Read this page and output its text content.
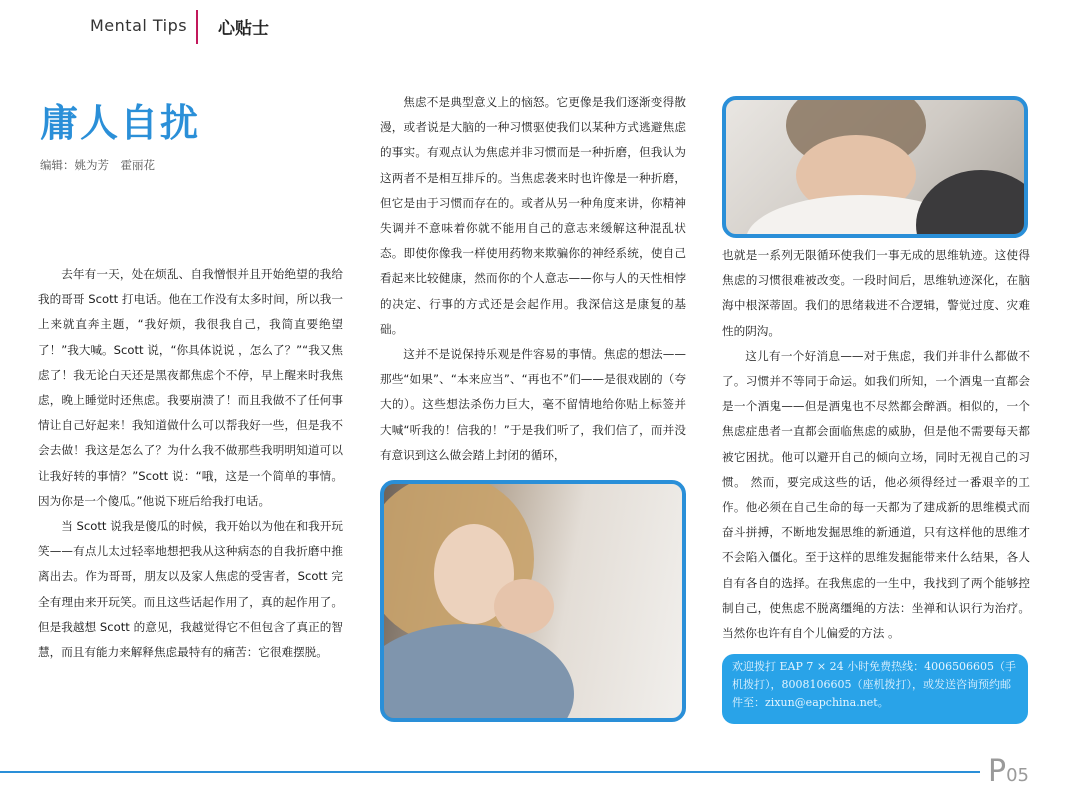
Mental Tips 心贴士
庸人自扰
编辑：姚为芳　霍丽花

去年有一天，处在烦乱、自我憎恨并且开始绝望的我给我的哥哥 Scott 打电话。他在工作没有太多时间，所以我一上来就直奔主题，“我好烦，我很我自己，我简直要绝望了！”我大喊。Scott 说，“你具体说说 ，怎么了？”“我又焦虑了！我无论白天还是黑夜都焦虑个不停，早上醒来时我焦虑，晚上睡觉时还焦虑。我要崩溃了！而且我做不了任何事情让自己好起来！我知道做什么可以帮我好一些，但是我不会去做！我这是怎么了？为什么我不做那些我明明知道可以让我好转的事情？”Scott 说：“哦，这是一个简单的事情。因为你是一个傻瓜。”他说下班后给我打电话。

当 Scott 说我是傻瓜的时候，我开始以为他在和我开玩笑——有点儿太过轻率地想把我从这种病态的自我折磨中推离出去。作为哥哥，朋友以及家人焦虑的受害者，Scott 完全有理由来开玩笑。而且这些话起作用了，真的起作用了。但是我越想 Scott 的意见，我越觉得它不但包含了真正的智慧，而且有能力来解释焦虑最特有的痛苦：它很难摆脱。

焦虑不是典型意义上的恼怒。它更像是我们逐渐变得散漫，或者说是大脑的一种习惯驱使我们以某种方式逃避焦虑的事实。有观点认为焦虑并非习惯而是一种折磨，但我认为这两者不是相互排斥的。当焦虑袭来时也许像是一种折磨，但它是由于习惯而存在的。或者从另一种角度来讲，你精神失调并不意味着你就不能用自己的意志来缓解这种混乱状态。即使你像我一样使用药物来欺骗你的神经系统，使自己看起来比较健康，然而你的个人意志——你与人的天性相悖的决定、行事的方式还是会起作用。我深信这是康复的基础。

这并不是说保持乐观是件容易的事情。焦虑的想法——那些“如果”、“本来应当”、“再也不”们——是很戏剧的（夸大的）。这些想法杀伤力巨大，毫不留情地给你贴上标签并大喊“听我的！信我的！”于是我们听了，我们信了，而并没有意识到这么做会踏上封闭的循环，

也就是一系列无限循环使我们一事无成的思维轨迹。这使得焦虑的习惯很难被改变。一段时间后，思维轨迹深化，在脑海中根深蒂固。我们的思绪栽进不合逻辑，警觉过度、灾难性的阴沟。

这儿有一个好消息——对于焦虑，我们并非什么都做不了。习惯并不等同于命运。如我们所知，一个酒鬼一直都会是一个酒鬼——但是酒鬼也不尽然都会醉酒。相似的，一个焦虑症患者一直都会面临焦虑的威胁，但是他不需要每天都被它困扰。他可以避开自己的倾向立场，同时无视自己的习惯。 然而，要完成这些的话，他必须得经过一番艰辛的工作。他必须在自己生命的每一天都为了建成新的思维模式而奋斗拼搏，不断地发掘思维的新通道，只有这样他的思维才不会陷入僵化。至于这样的思维发掘能带来什么结果，各人自有各自的选择。在我焦虑的一生中，我找到了两个能够控制自己，使焦虑不脱离缰绳的方法：坐禅和认识行为治疗。当然你也许有自个儿偏爱的方法 。

欢迎拨打 EAP 7 × 24 小时免费热线：4006506605（手机拨打），8008106605（座机拨打），或发送咨询预约邮件至：zixun@eapchina.net。
P05
